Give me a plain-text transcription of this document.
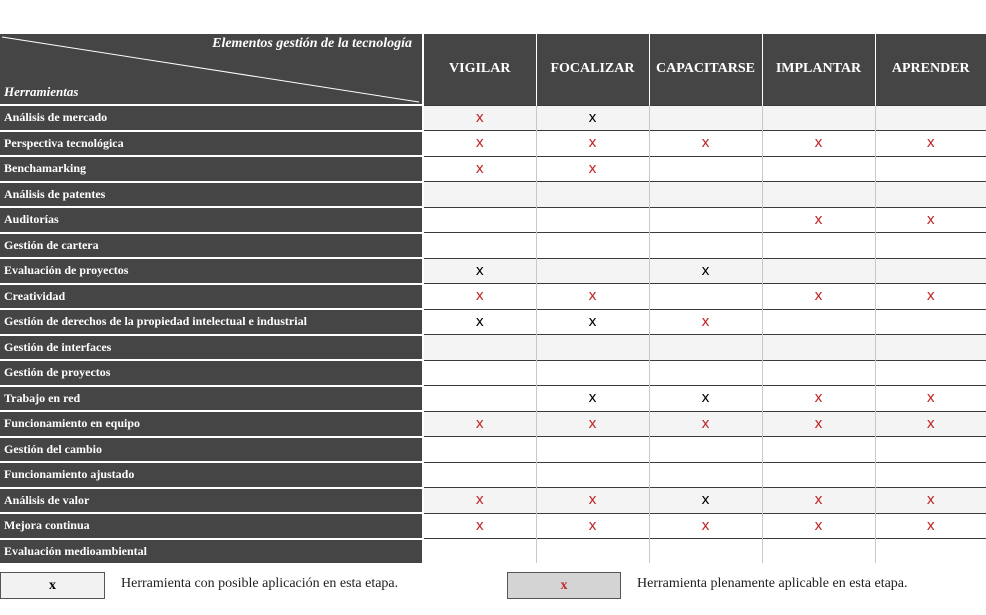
Elementos gestión de la tecnología
Herramientas	VIGILAR	FOCALIZAR	CAPACITARSE	IMPLANTAR	APRENDER
Análisis de mercado	x	x			
Perspectiva tecnológica	x	x	x	x	x
Benchamarking	x	x			
Análisis de patentes					
Auditorías				x	x
Gestión de cartera					
Evaluación de proyectos	x		x		
Creatividad	x	x		x	x
Gestión de derechos de la propiedad intelectual e industrial	x	x	x		
Gestión de interfaces					
Gestión de proyectos					
Trabajo en red		x	x	x	x
Funcionamiento en equipo	x	x	x	x	x
Gestión del cambio					
Funcionamiento ajustado					
Análisis de valor	x	x	x	x	x
Mejora continua	x	x	x	x	x
Evaluación medioambiental					
x	Herramienta con posible aplicación en esta etapa.	x	Herramienta plenamente aplicable en esta etapa.
